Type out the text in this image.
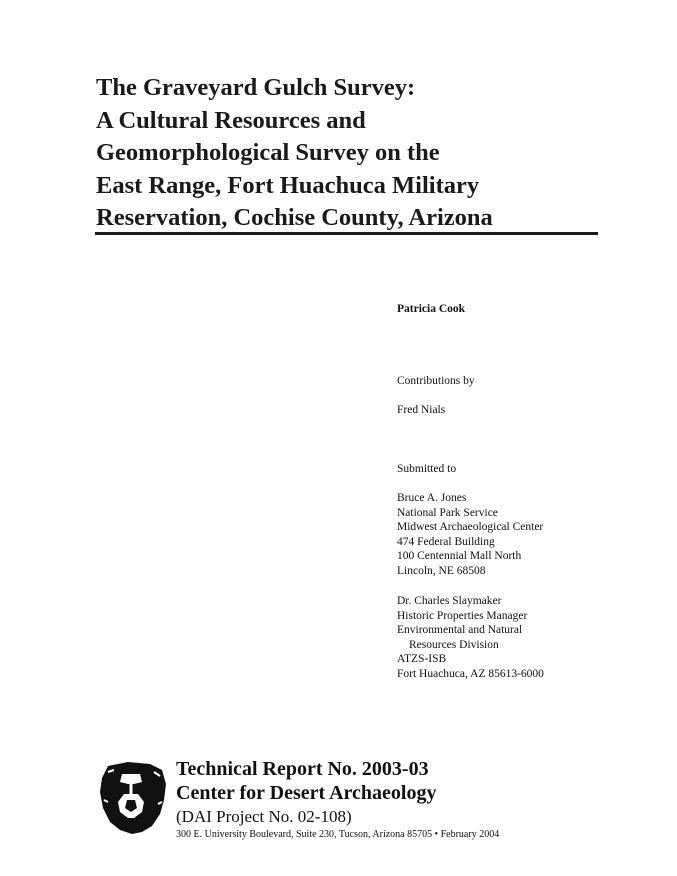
The Graveyard Gulch Survey:
A Cultural Resources and
Geomorphological Survey on the
East Range, Fort Huachuca Military
Reservation, Cochise County, Arizona
Patricia Cook
Contributions by
Fred Nials
Submitted to
Bruce A. Jones
National Park Service
Midwest Archaeological Center
474 Federal Building
100 Centennial Mall North
Lincoln, NE 68508
Dr. Charles Slaymaker
Historic Properties Manager
Environmental and Natural
Resources Division
ATZS-ISB
Fort Huachuca, AZ 85613-6000
Technical Report No. 2003-03
Center for Desert Archaeology
(DAI Project No. 02-108)
300 E. University Boulevard, Suite 230, Tucson, Arizona 85705 • February 2004
